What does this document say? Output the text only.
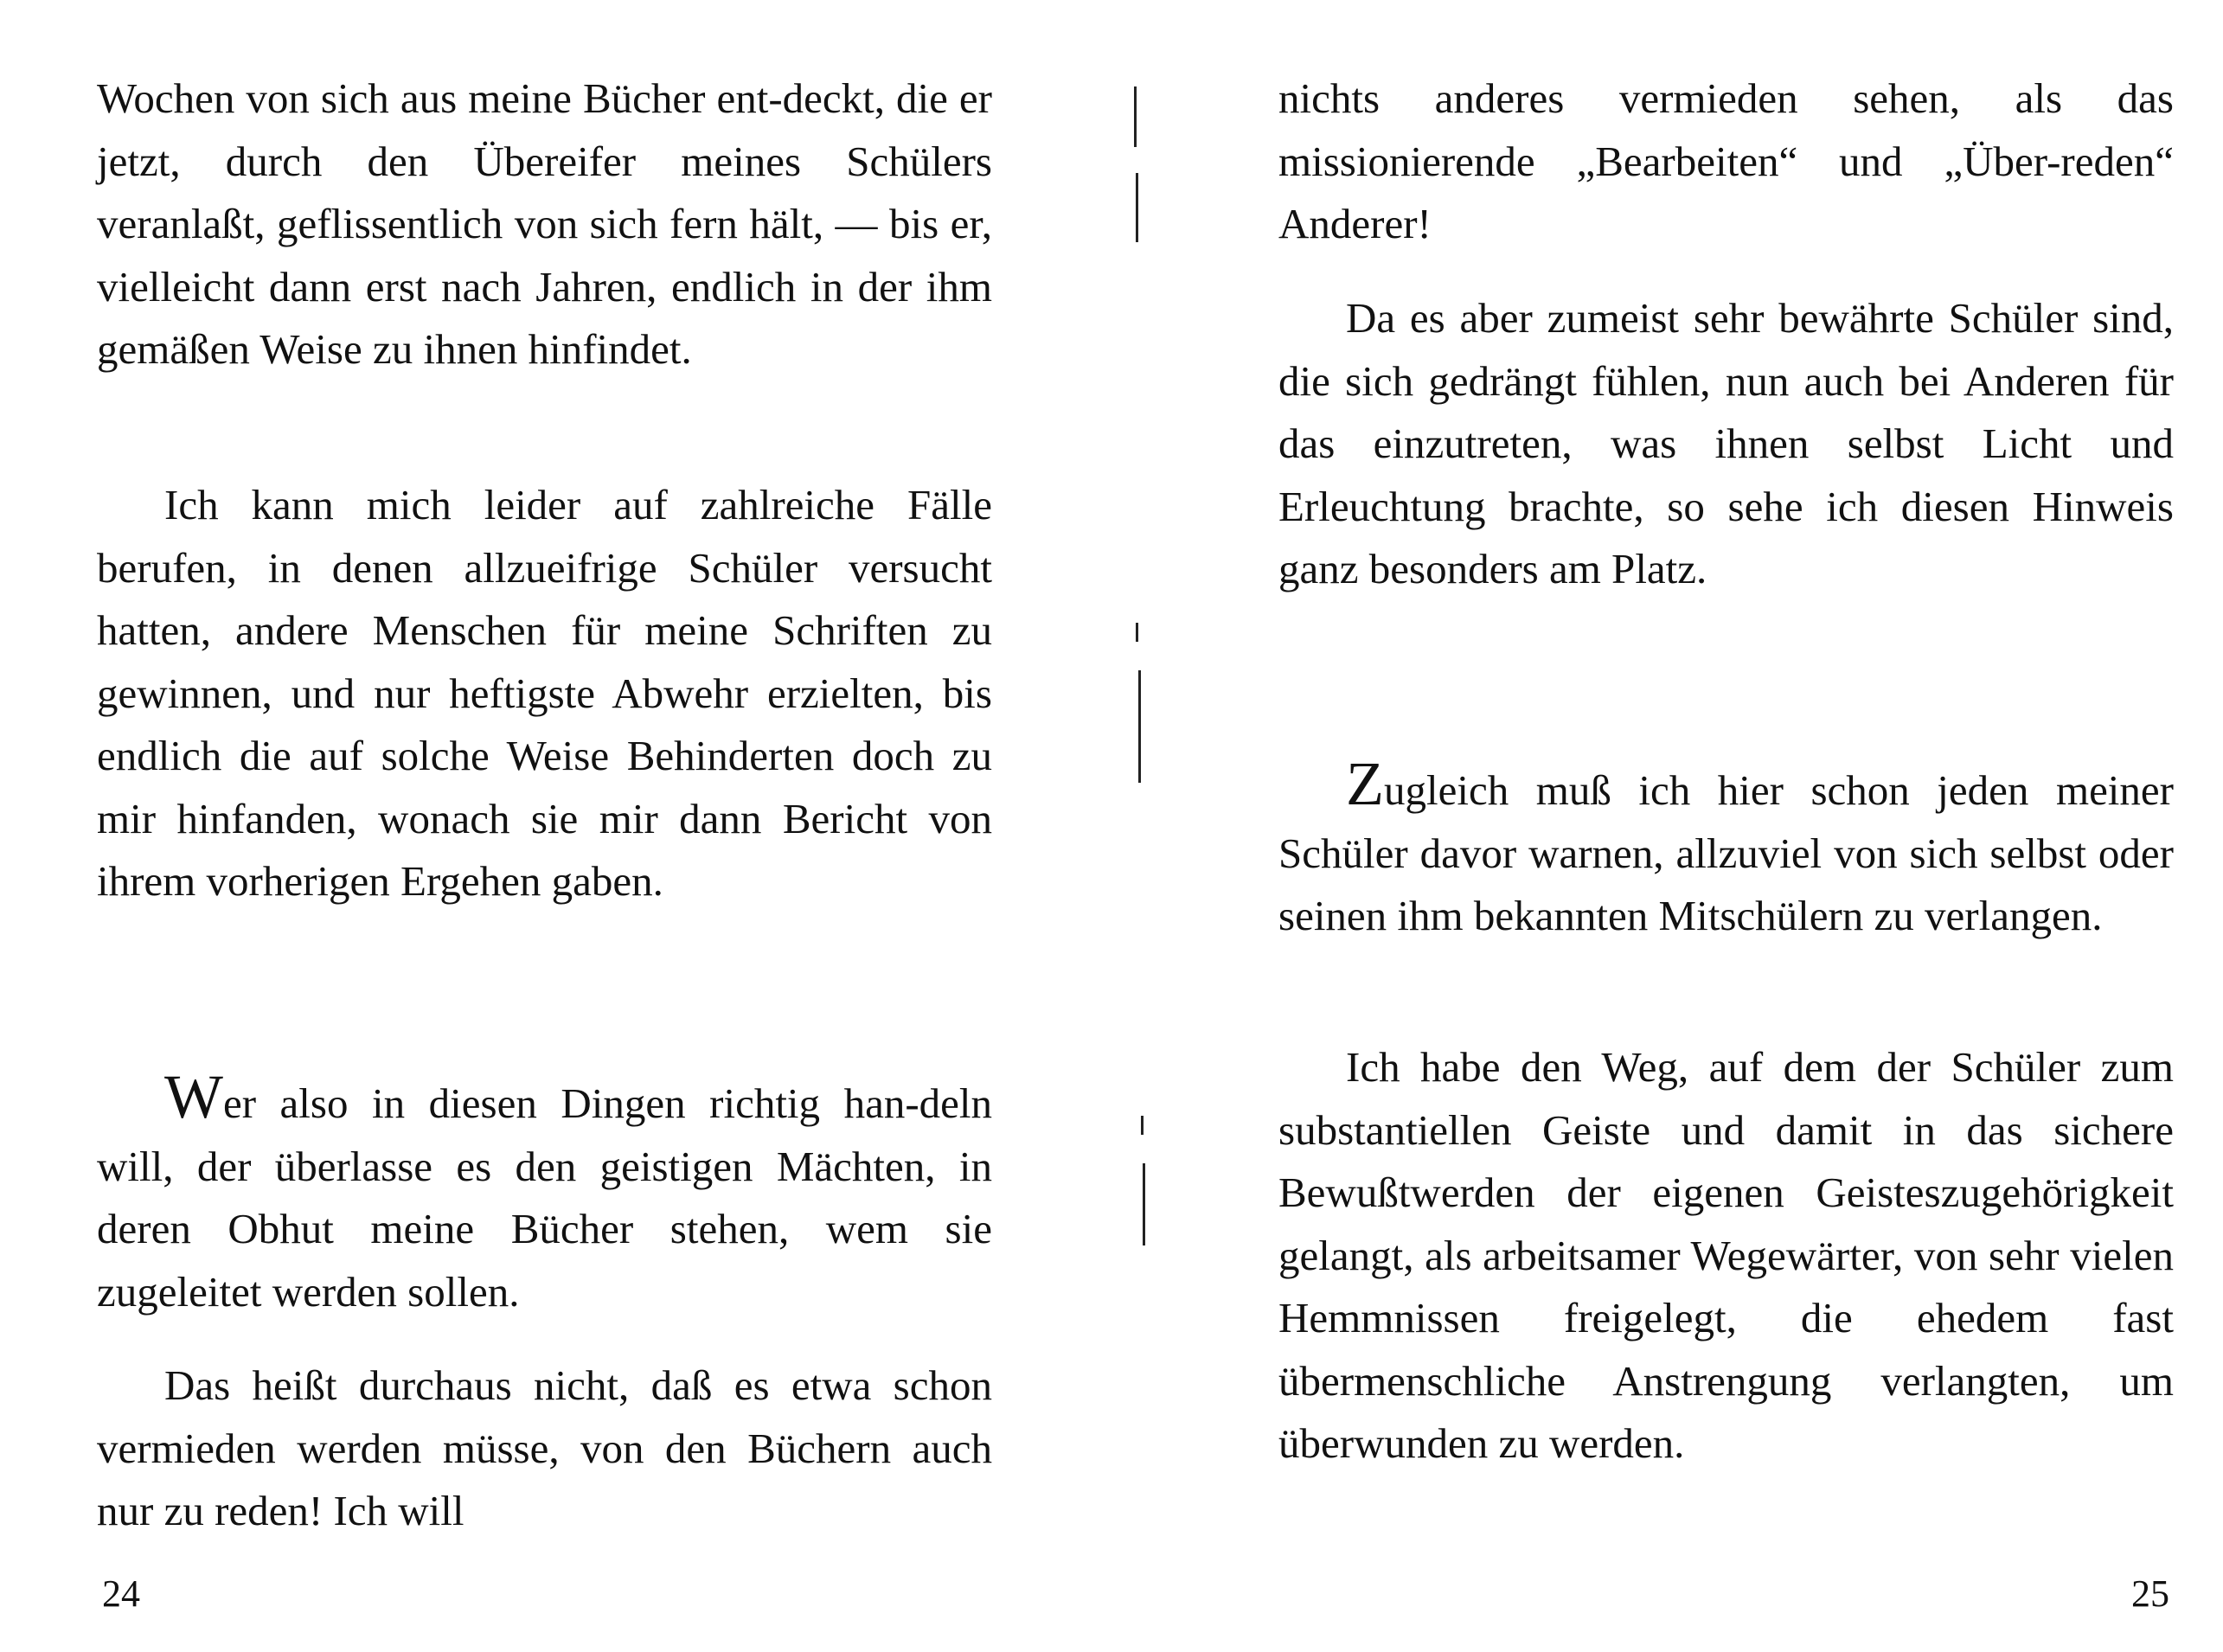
Wochen von sich aus meine Bücher ent-deckt, die er jetzt, durch den Übereifer meines Schülers veranlaßt, geflissentlich von sich fern hält, — bis er, vielleicht dann erst nach Jahren, endlich in der ihm gemäßen Weise zu ihnen hinfindet.

Ich kann mich leider auf zahlreiche Fälle berufen, in denen allzueifrige Schüler versucht hatten, andere Menschen für meine Schriften zu gewinnen, und nur heftigste Abwehr erzielten, bis endlich die auf solche Weise Behinderten doch zu mir hinfanden, wonach sie mir dann Bericht von ihrem vorherigen Ergehen gaben.

Wer also in diesen Dingen richtig han-deln will, der überlasse es den geistigen Mächten, in deren Obhut meine Bücher stehen, wem sie zugeleitet werden sollen.

Das heißt durchaus nicht, daß es etwa schon vermieden werden müsse, von den Büchern auch nur zu reden! Ich will

24

nichts anderes vermieden sehen, als das missionierende „Bearbeiten“ und „Über-reden“ Anderer!

Da es aber zumeist sehr bewährte Schüler sind, die sich gedrängt fühlen, nun auch bei Anderen für das einzutreten, was ihnen selbst Licht und Erleuchtung brachte, so sehe ich diesen Hinweis ganz besonders am Platz.

Zugleich muß ich hier schon jeden meiner Schüler davor warnen, allzuviel von sich selbst oder seinen ihm bekannten Mitschülern zu verlangen.

Ich habe den Weg, auf dem der Schüler zum substantiellen Geiste und damit in das sichere Bewußtwerden der eigenen Geisteszugehörigkeit gelangt, als arbeitsamer Wegewärter, von sehr vielen Hemmnissen freigelegt, die ehedem fast übermenschliche Anstrengung verlangten, um überwunden zu werden.

25
